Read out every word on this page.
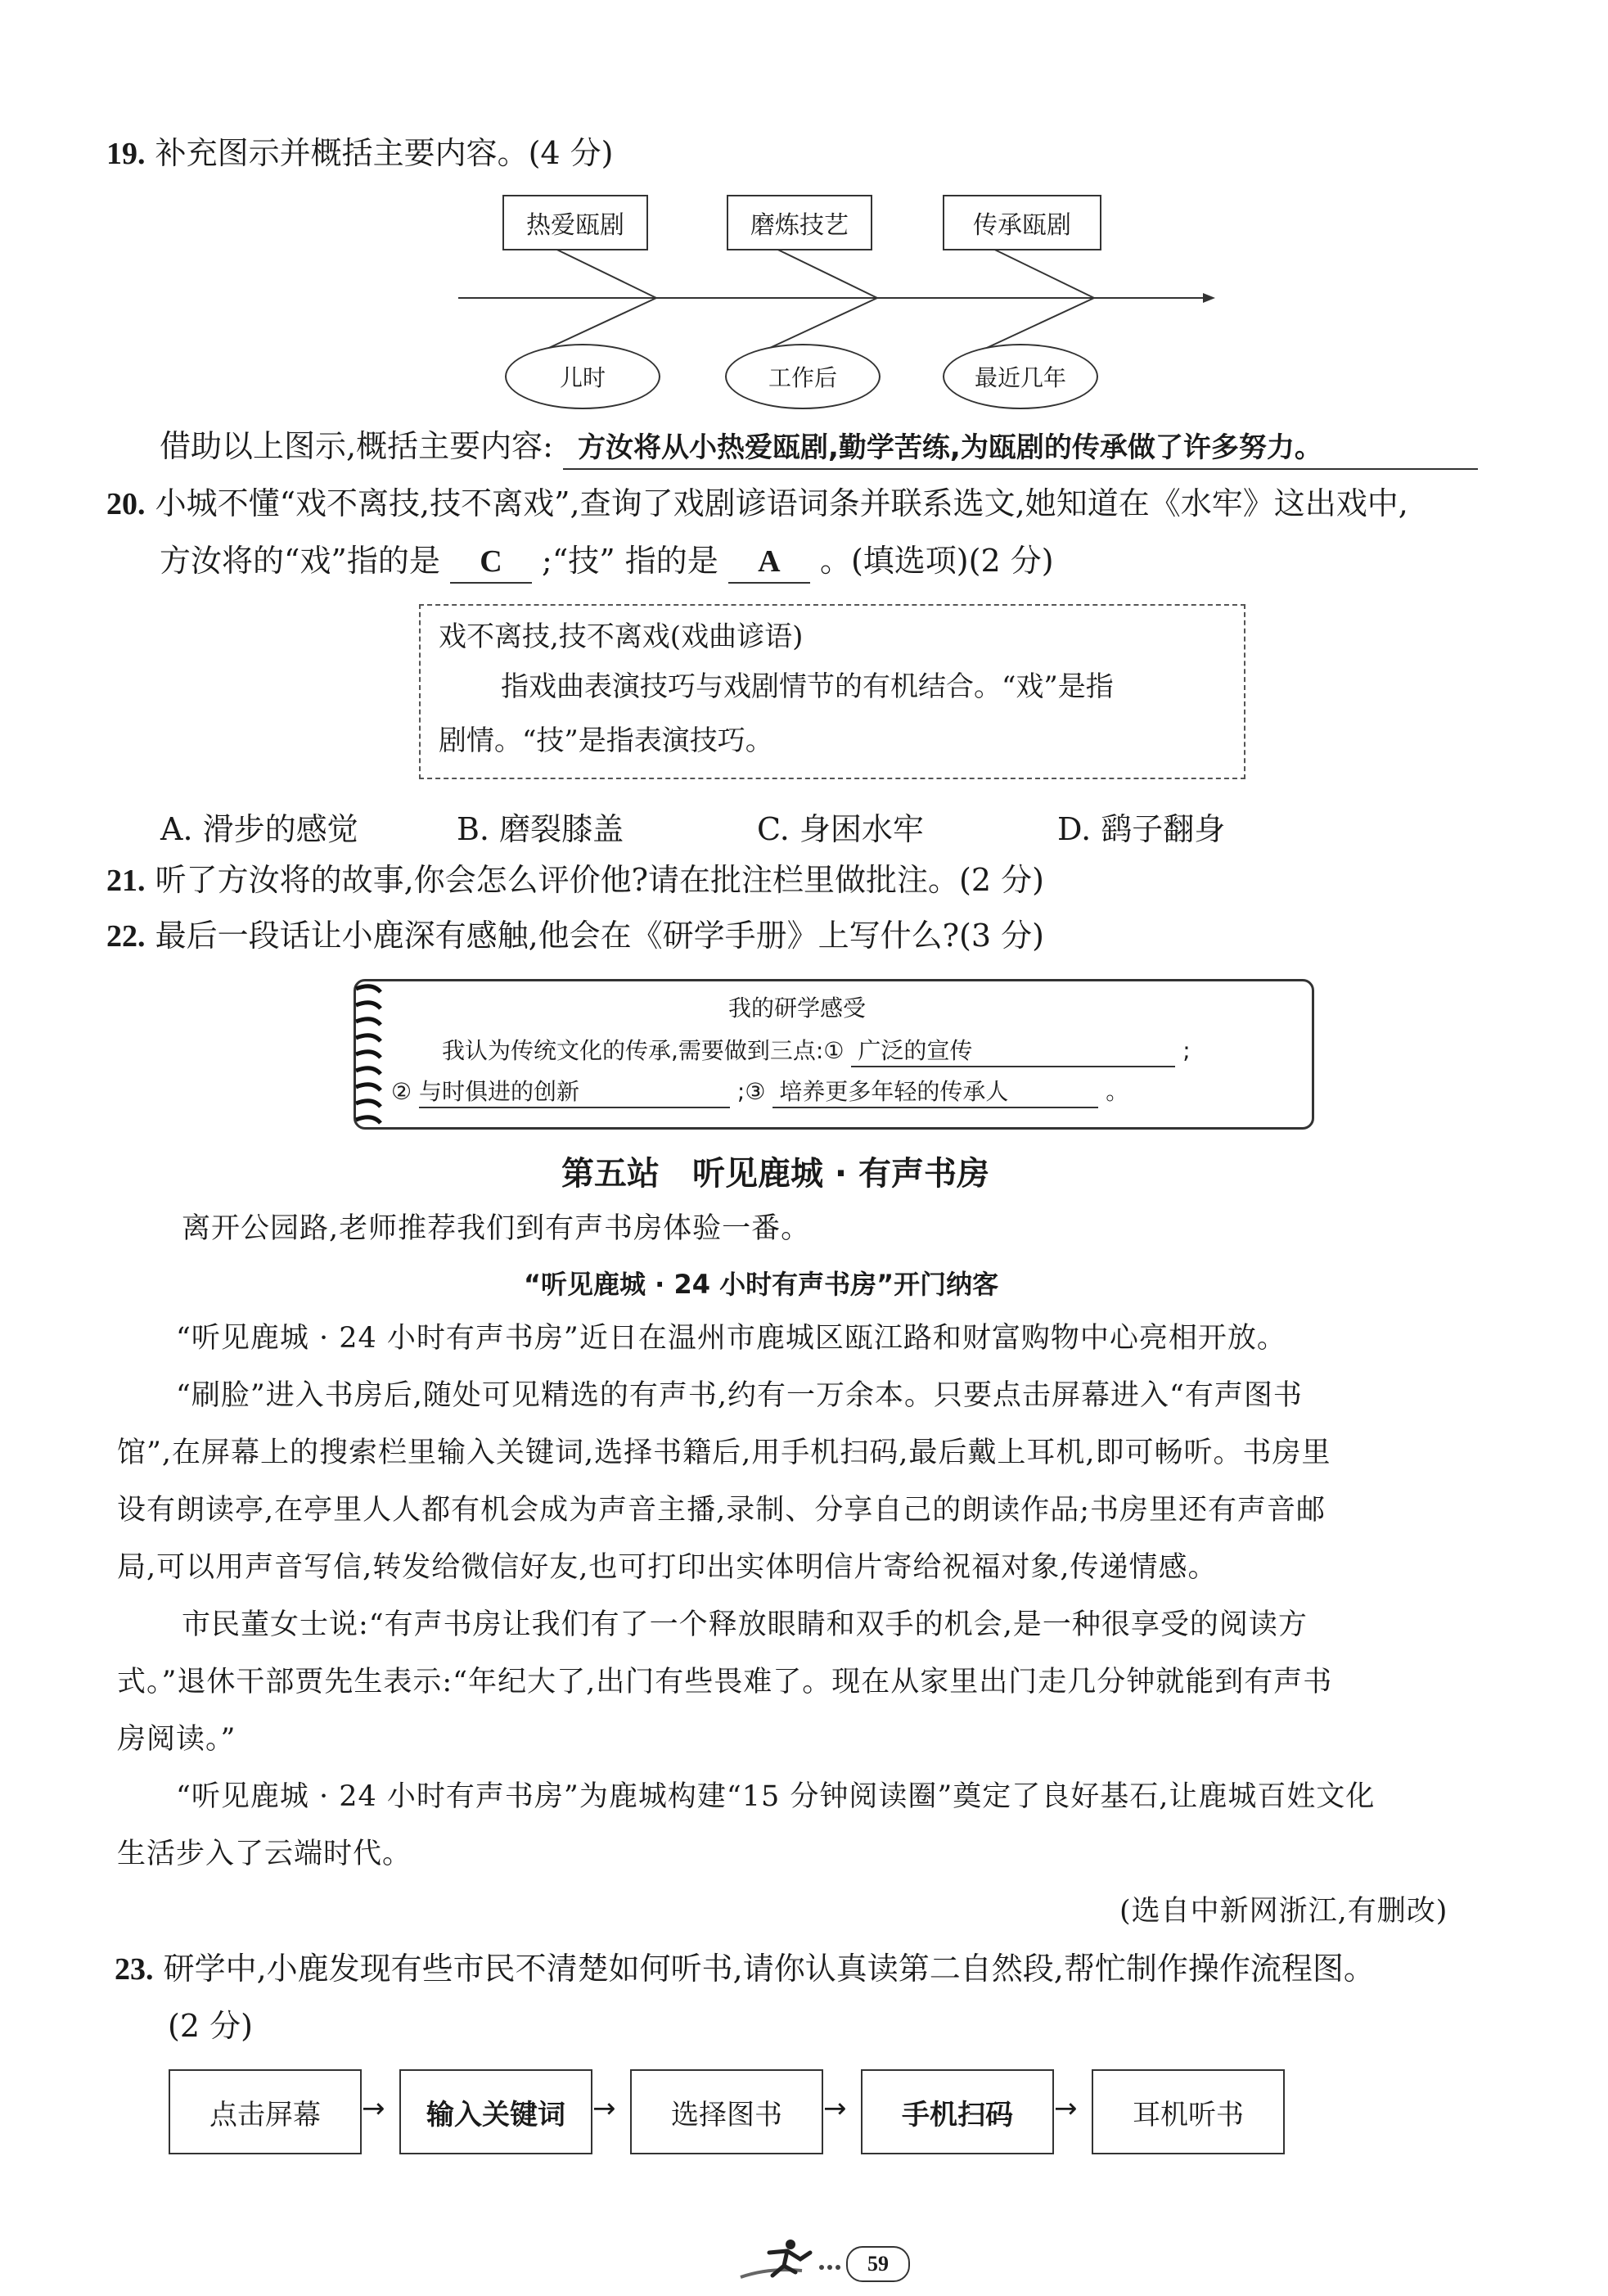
19. 补充图示并概括主要内容。(4 分)
热爱瓯剧	磨炼技艺	传承瓯剧
儿时	工作后	最近几年
借助以上图示,概括主要内容: 方汝将从小热爱瓯剧,勤学苦练,为瓯剧的传承做了许多努力。
20. 小城不懂“戏不离技,技不离戏”,查询了戏剧谚语词条并联系选文,她知道在《水牢》这出戏中,
方汝将的“戏”指的是 C ;“技” 指的是 A 。(填选项)(2 分)
戏不离技,技不离戏(戏曲谚语)
指戏曲表演技巧与戏剧情节的有机结合。“戏”是指
剧情。“技”是指表演技巧。
A. 滑步的感觉	B. 磨裂膝盖	C. 身困水牢	D. 鹞子翻身
21. 听了方汝将的故事,你会怎么评价他?请在批注栏里做批注。(2 分)
22. 最后一段话让小鹿深有感触,他会在《研学手册》上写什么?(3 分)
我的研学感受
我认为传统文化的传承,需要做到三点:① 广泛的宣传	;
② 与时俱进的创新	;③ 培养更多年轻的传承人	。
第五站　听见鹿城 · 有声书房
离开公园路,老师推荐我们到有声书房体验一番。
“听见鹿城 · 24 小时有声书房”开门纳客
“听见鹿城 · 24 小时有声书房”近日在温州市鹿城区瓯江路和财富购物中心亮相开放。
“刷脸”进入书房后,随处可见精选的有声书,约有一万余本。只要点击屏幕进入“有声图书
馆”,在屏幕上的搜索栏里输入关键词,选择书籍后,用手机扫码,最后戴上耳机,即可畅听。书房里
设有朗读亭,在亭里人人都有机会成为声音主播,录制、分享自己的朗读作品;书房里还有声音邮
局,可以用声音写信,转发给微信好友,也可打印出实体明信片寄给祝福对象,传递情感。
市民董女士说:“有声书房让我们有了一个释放眼睛和双手的机会,是一种很享受的阅读方
式。”退休干部贾先生表示:“年纪大了,出门有些畏难了。现在从家里出门走几分钟就能到有声书
房阅读。”
“听见鹿城 · 24 小时有声书房”为鹿城构建“15 分钟阅读圈”奠定了良好基石,让鹿城百姓文化
生活步入了云端时代。
(选自中新网浙江,有删改)
23. 研学中,小鹿发现有些市民不清楚如何听书,请你认真读第二自然段,帮忙制作操作流程图。
(2 分)
点击屏幕	→	输入关键词 →	选择图书	→	手机扫码	→	耳机听书
59
